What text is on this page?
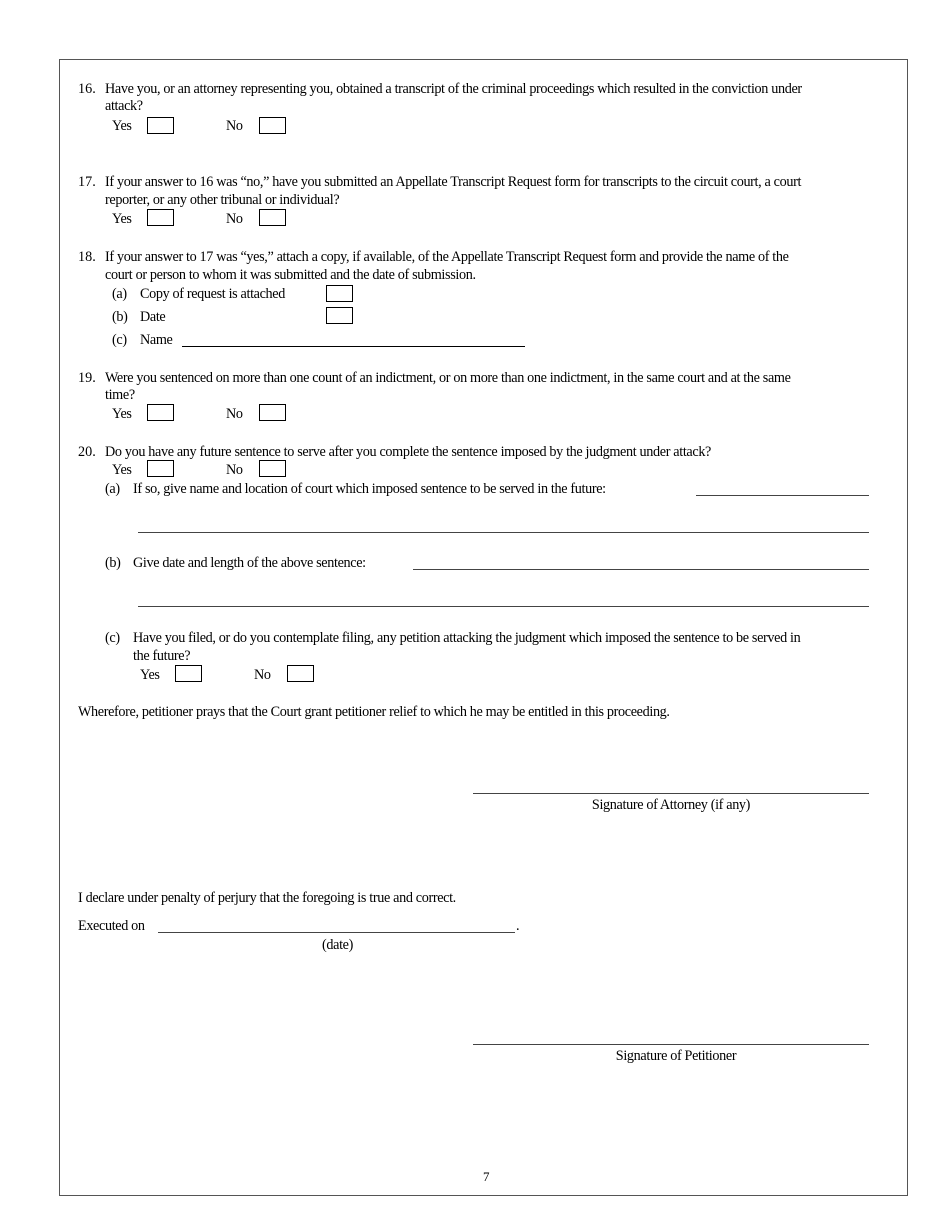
16. Have you, or an attorney representing you, obtained a transcript of the criminal proceedings which resulted in the conviction under
attack?
Yes	No
17. If your answer to 16 was “no,” have you submitted an Appellate Transcript Request form for transcripts to the circuit court, a court
reporter, or any other tribunal or individual?
Yes	No
18. If your answer to 17 was “yes,” attach a copy, if available, of the Appellate Transcript Request form and provide the name of the
court or person to whom it was submitted and the date of submission.
(a) Copy of request is attached
(b) Date
(c) Name
19. Were you sentenced on more than one count of an indictment, or on more than one indictment, in the same court and at the same
time?
Yes	No
20. Do you have any future sentence to serve after you complete the sentence imposed by the judgment under attack?
Yes	No
(a) If so, give name and location of court which imposed sentence to be served in the future:
(b) Give date and length of the above sentence:
(c) Have you filed, or do you contemplate filing, any petition attacking the judgment which imposed the sentence to be served in
the future?
Yes	No
Wherefore, petitioner prays that the Court grant petitioner relief to which he may be entitled in this proceeding.
Signature of Attorney (if any)
I declare under penalty of perjury that the foregoing is true and correct.
Executed on	.
(date)
Signature of Petitioner
7
